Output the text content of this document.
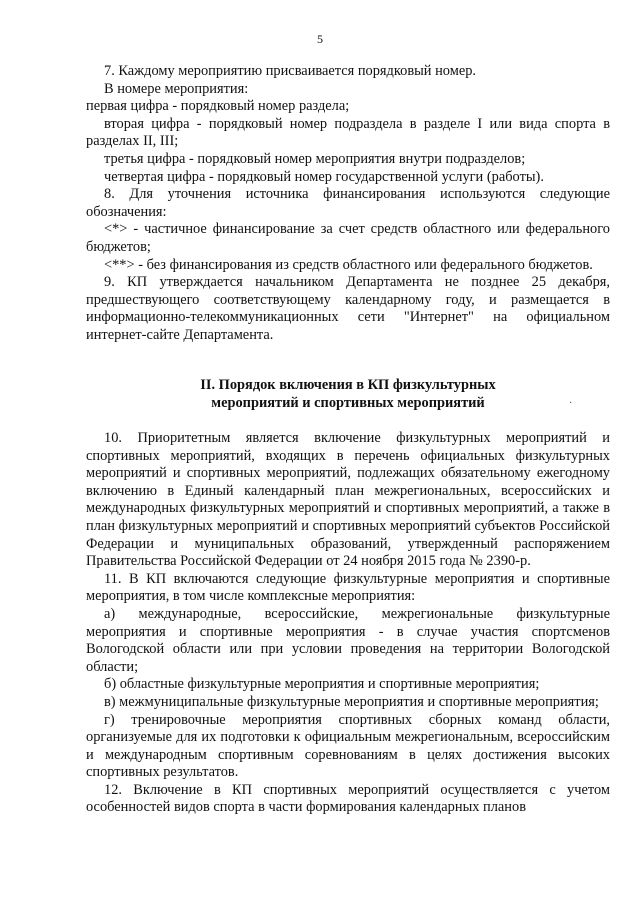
5

7. Каждому мероприятию присваивается порядковый номер.

В номере мероприятия:

первая цифра - порядковый номер раздела;

вторая цифра - порядковый номер подраздела в разделе I или вида спорта в разделах II, III;

третья цифра - порядковый номер мероприятия внутри подразделов;

четвертая цифра - порядковый номер государственной услуги (работы).

8. Для уточнения источника финансирования используются следующие обозначения:

<*> - частичное финансирование за счет средств областного или федерального бюджетов;

<**> - без финансирования из средств областного или федерального бюджетов.

9. КП утверждается начальником Департамента не позднее 25 декабря, предшествующего соответствующему календарному году, и размещается в информационно-телекоммуникационных сети "Интернет" на официальном интернет-сайте Департамента.

II. Порядок включения в КП физкультурных
мероприятий и спортивных мероприятий	·

10. Приоритетным является включение физкультурных мероприятий и спортивных мероприятий, входящих в перечень официальных физкультурных мероприятий и спортивных мероприятий, подлежащих обязательному ежегодному включению в Единый календарный план межрегиональных, всероссийских и международных физкультурных мероприятий и спортивных мероприятий, а также в план физкультурных мероприятий и спортивных мероприятий субъектов Российской Федерации и муниципальных образований, утвержденный распоряжением Правительства Российской Федерации от 24 ноября 2015 года № 2390-р.

11. В КП включаются следующие физкультурные мероприятия и спортивные мероприятия, в том числе комплексные мероприятия:

а) международные, всероссийские, межрегиональные физкультурные мероприятия и спортивные мероприятия - в случае участия спортсменов Вологодской области или при условии проведения на территории Вологодской области;

б) областные физкультурные мероприятия и спортивные мероприятия;

в) межмуниципальные физкультурные мероприятия и спортивные мероприятия;

г) тренировочные мероприятия спортивных сборных команд области, организуемые для их подготовки к официальным межрегиональным, всероссийским и международным спортивным соревнованиям в целях достижения высоких спортивных результатов.

12. Включение в КП спортивных мероприятий осуществляется с учетом особенностей видов спорта в части формирования календарных планов
